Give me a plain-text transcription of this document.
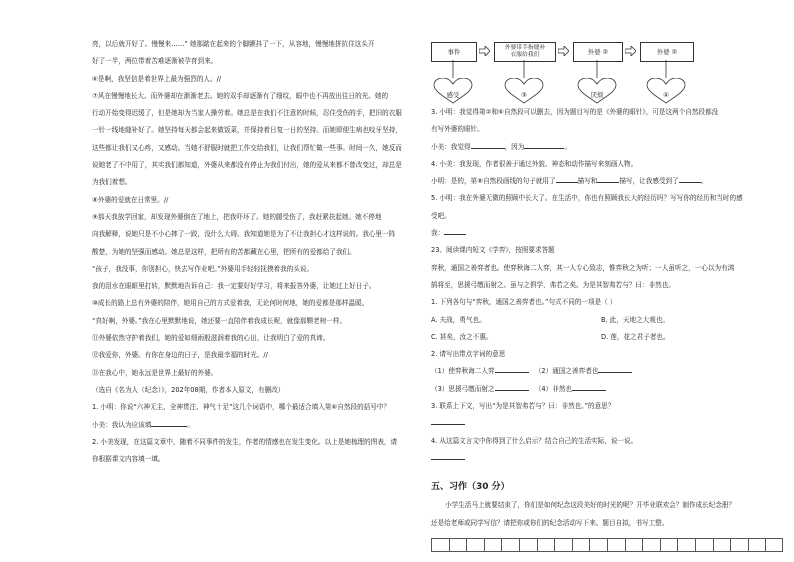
亮，以后就开好了。慢慢来……” 她那踮在起来的个脚颤抖了一下，从容地，慢慢地拼抗住这头开

好了一半，两位带着苦难逐渐被孕育到来。

⑥是啊，我坚信是着世界上最为强烈的人。//

⑦风在慢慢地长大。而外婆却在渐渐老去。她的双手却逐渐有了细纹，眼中也不再放出往日的光。她的

行动开始变得迟缓了，但是她却为当家人操劳着。她总是在我们不注意的时候，忍住受伤的手，把旧的衣服

一针一线地缝补好了。她坚持每天都会起来做饭菜，并保持着日复一日的坚持。而她即便生病也咬牙坚持，

这些都让我们又心疼，又感动。当她不舒服时就把工作交给我们，让我们帮忙做一些事。时间一久，她反而

说她老了不中用了，其实我们都知道，外婆从来都没有停止为我们付出，她的爱从来都不曾改变过，却总是

为我们着想。

⑧外婆的爱就在日常里。//

⑨那天我放学回家，却发现外婆倒在了地上，把我吓坏了。她的腿受伤了，我赶紧扶起她。她不停地

向我解释，说她只是不小心摔了一跤，没什么大碍。我知道她是为了不让我担心才这样说的。我心里一阵

酸楚，为她的坚强而感动。她总是这样，把所有的苦都藏在心里，把所有的爱都给了我们。

“孩子，我没事，你别担心，快去写作业吧。”外婆用手轻轻抚摸着我的头说。

我的泪水在眼眶里打转，默默地告诉自己：我一定要好好学习，将来报答外婆，让她过上好日子。

⑩成长的路上总有外婆的陪伴，她用自己的方式爱着我，无论何时何地，她的爱都是那样温暖。

“真好啊，外婆。”我在心里默默地说，她还要一直陪伴着我成长呢，就像那颗老树一样。

⑪外婆依然守护着我们，她的爱如细雨般滋润着我的心田，让我明白了爱的真谛。

⑫我爱你，外婆。有你在身边的日子，是我最幸福的时光。//

⑬在我心中，她永远是世界上最好的外婆。

（选自《名为人（纪念）》，202年08期，作者本人原文，有删改）

1. 小明：你说“六神无主、全神贯注、神气十足”这几个词语中，哪个最适合填入第⑥自然段的括号中？

小美：我认为应该填	。

2. 小美发现，在这篇文章中，随着不同事件的发生，作者的情感也在发生变化。以上是她梳理的图表，请

你根据课文内容填一填。

事件	外婆带手指缝补
衣服给我们	外婆
②	外婆
②
感受	③	厌烦	④

3. 小明：我觉得第②和⑥自然段可以删去，因为题目写的是《外婆的眼针》，可是这两个自然段都没

有写外婆的眼针。

小美：我觉得	，因为	。

4. 小美：我发现，作者很善于通过外貌、神态和动作描写来刻画人物。

小明：是的，第⑧自然段画线的句子就用了	描写和	描写，让我感受到了	。

5. 小明：我在外婆无微的照顾中长大了。在生活中，你也有照顾我长大的经历吗？写写你的经历和当时的感

受吧。

我：

23、阅读课内短文《学弈》，按照要求答题

弈秋，通国之善弈者也。使弈秋诲二人弈，其一人专心致志，惟弈秋之为听；一人虽听之，一心以为有鸿

鹄将至，思援弓缴而射之。虽与之俱学，弗若之矣。为是其智弗若与？曰：非然也。

1. 下列各句与“弈秋，通国之善弈者也。”句式不同的一项是（ ）

A. 夫战，勇气也。	B. 此，天地之大观也。

C. 甚矣，汝之不惠。	D. 莲，花之君子者也。

2. 请写出带点字词的意思

（1）使弈秋诲二人弈	（2）通国之善弈者也

（3）思援弓缴而射之	（4）非然也

3. 联系上下文，写出“为是其智弗若与？曰：非然也。”的意思？

4. 从这篇文言文中你得到了什么启示？结合自己的生活实际，说一说。

五、习作（30 分）

小学生活马上就要结束了，你们是如何纪念这段美好的时光的呢？开毕业联欢会？制作成长纪念册？

还是给老师或同学写信？请把你或你们的纪念活动写下来。题目自拟，书写工整。
